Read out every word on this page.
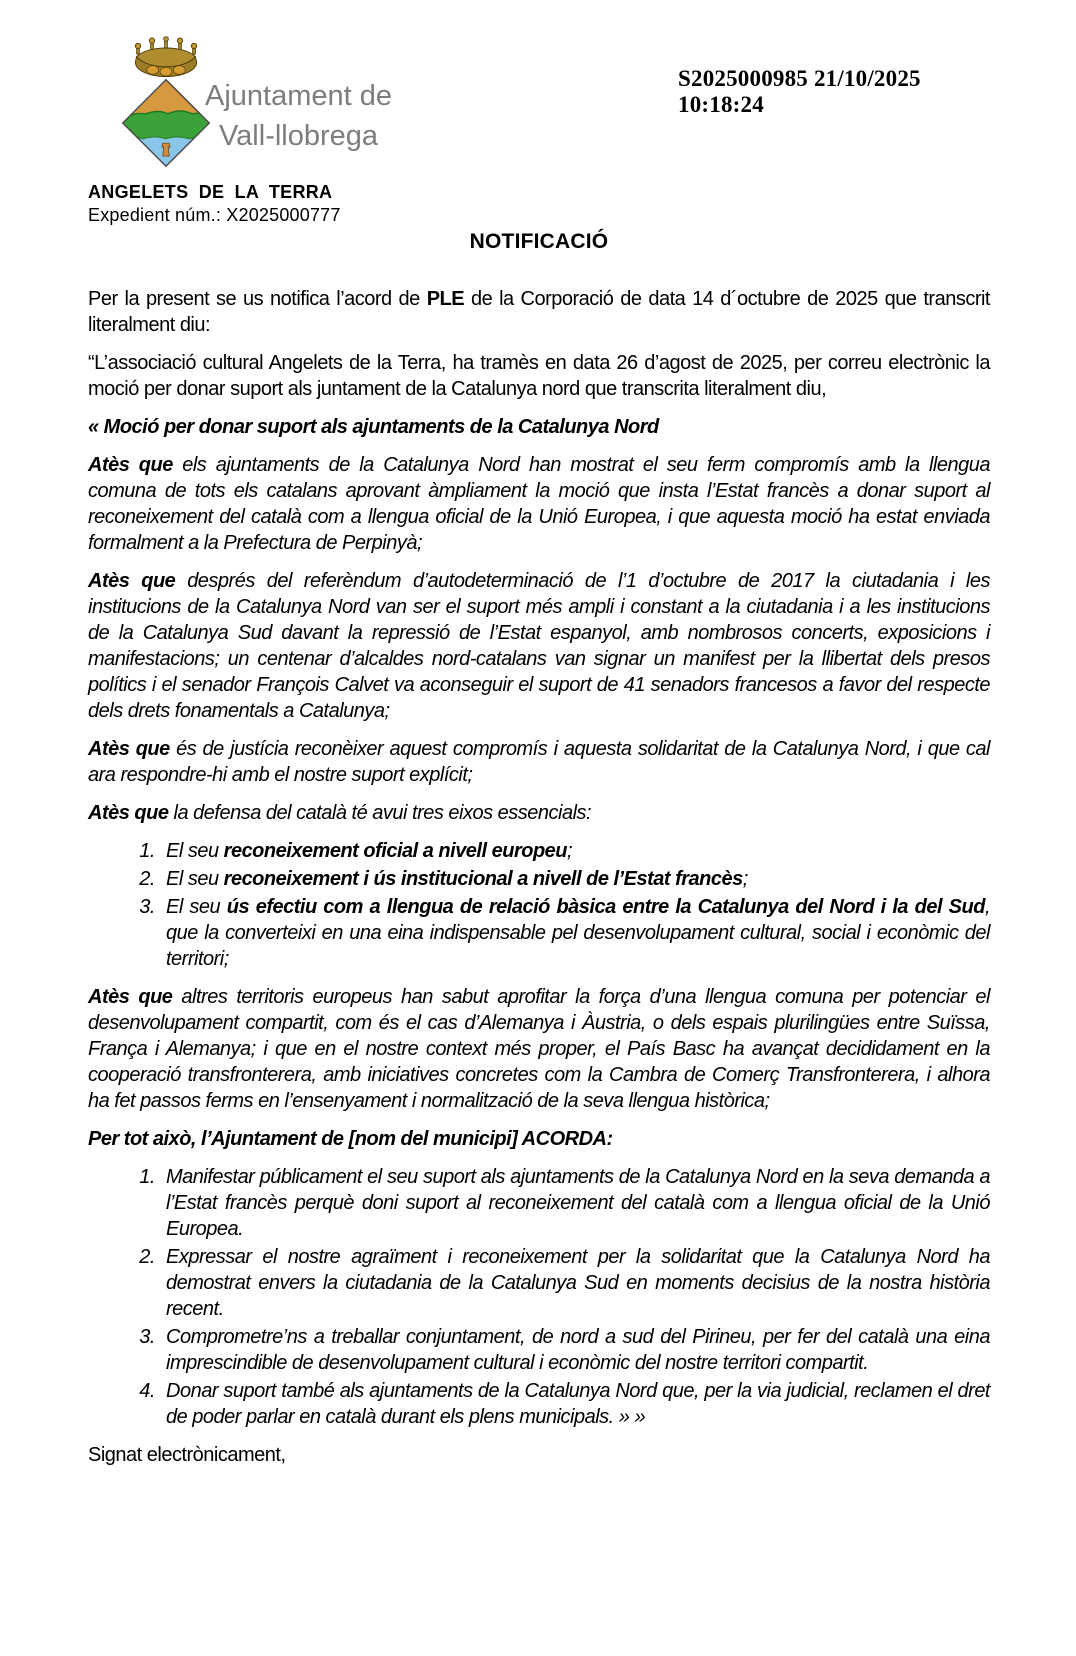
Ajuntament de
Vall-llobrega
S2025000985 21/10/2025
10:18:24
ANGELETS DE LA TERRA
Expedient núm.: X2025000777
NOTIFICACIÓ

Per la present se us notifica l’acord de PLE de la Corporació de data 14 d´octubre de 2025 que transcrit literalment diu:

“L’associació cultural Angelets de la Terra, ha tramès en data 26 d’agost de 2025, per correu electrònic la moció per donar suport als juntament de la Catalunya nord que transcrita literalment diu,

« Moció per donar suport als ajuntaments de la Catalunya Nord

Atès que els ajuntaments de la Catalunya Nord han mostrat el seu ferm compromís amb la llengua comuna de tots els catalans aprovant àmpliament la moció que insta l’Estat francès a donar suport al reconeixement del català com a llengua oficial de la Unió Europea, i que aquesta moció ha estat enviada formalment a la Prefectura de Perpinyà;

Atès que després del referèndum d’autodeterminació de l’1 d’octubre de 2017 la ciutadania i les institucions de la Catalunya Nord van ser el suport més ampli i constant a la ciutadania i a les institucions de la Catalunya Sud davant la repressió de l’Estat espanyol, amb nombrosos concerts, exposicions i manifestacions; un centenar d’alcaldes nord-catalans van signar un manifest per la llibertat dels presos polítics i el senador François Calvet va aconseguir el suport de 41 senadors francesos a favor del respecte dels drets fonamentals a Catalunya;

Atès que és de justícia reconèixer aquest compromís i aquesta solidaritat de la Catalunya Nord, i que cal ara respondre-hi amb el nostre suport explícit;

Atès que la defensa del català té avui tres eixos essencials:

1. El seu reconeixement oficial a nivell europeu;
2. El seu reconeixement i ús institucional a nivell de l’Estat francès;
3. El seu ús efectiu com a llengua de relació bàsica entre la Catalunya del Nord i la del Sud, que la converteixi en una eina indispensable pel desenvolupament cultural, social i econòmic del territori;

Atès que altres territoris europeus han sabut aprofitar la força d’una llengua comuna per potenciar el desenvolupament compartit, com és el cas d’Alemanya i Àustria, o dels espais plurilingües entre Suïssa, França i Alemanya; i que en el nostre context més proper, el País Basc ha avançat decididament en la cooperació transfronterera, amb iniciatives concretes com la Cambra de Comerç Transfronterera, i alhora ha fet passos ferms en l’ensenyament i normalització de la seva llengua històrica;

Per tot això, l’Ajuntament de [nom del municipi] ACORDA:

1. Manifestar públicament el seu suport als ajuntaments de la Catalunya Nord en la seva demanda a l’Estat francès perquè doni suport al reconeixement del català com a llengua oficial de la Unió Europea.
2. Expressar el nostre agraïment i reconeixement per la solidaritat que la Catalunya Nord ha demostrat envers la ciutadania de la Catalunya Sud en moments decisius de la nostra història recent.
3. Comprometre’ns a treballar conjuntament, de nord a sud del Pirineu, per fer del català una eina imprescindible de desenvolupament cultural i econòmic del nostre territori compartit.
4. Donar suport també als ajuntaments de la Catalunya Nord que, per la via judicial, reclamen el dret de poder parlar en català durant els plens municipals. » »

Signat electrònicament,
